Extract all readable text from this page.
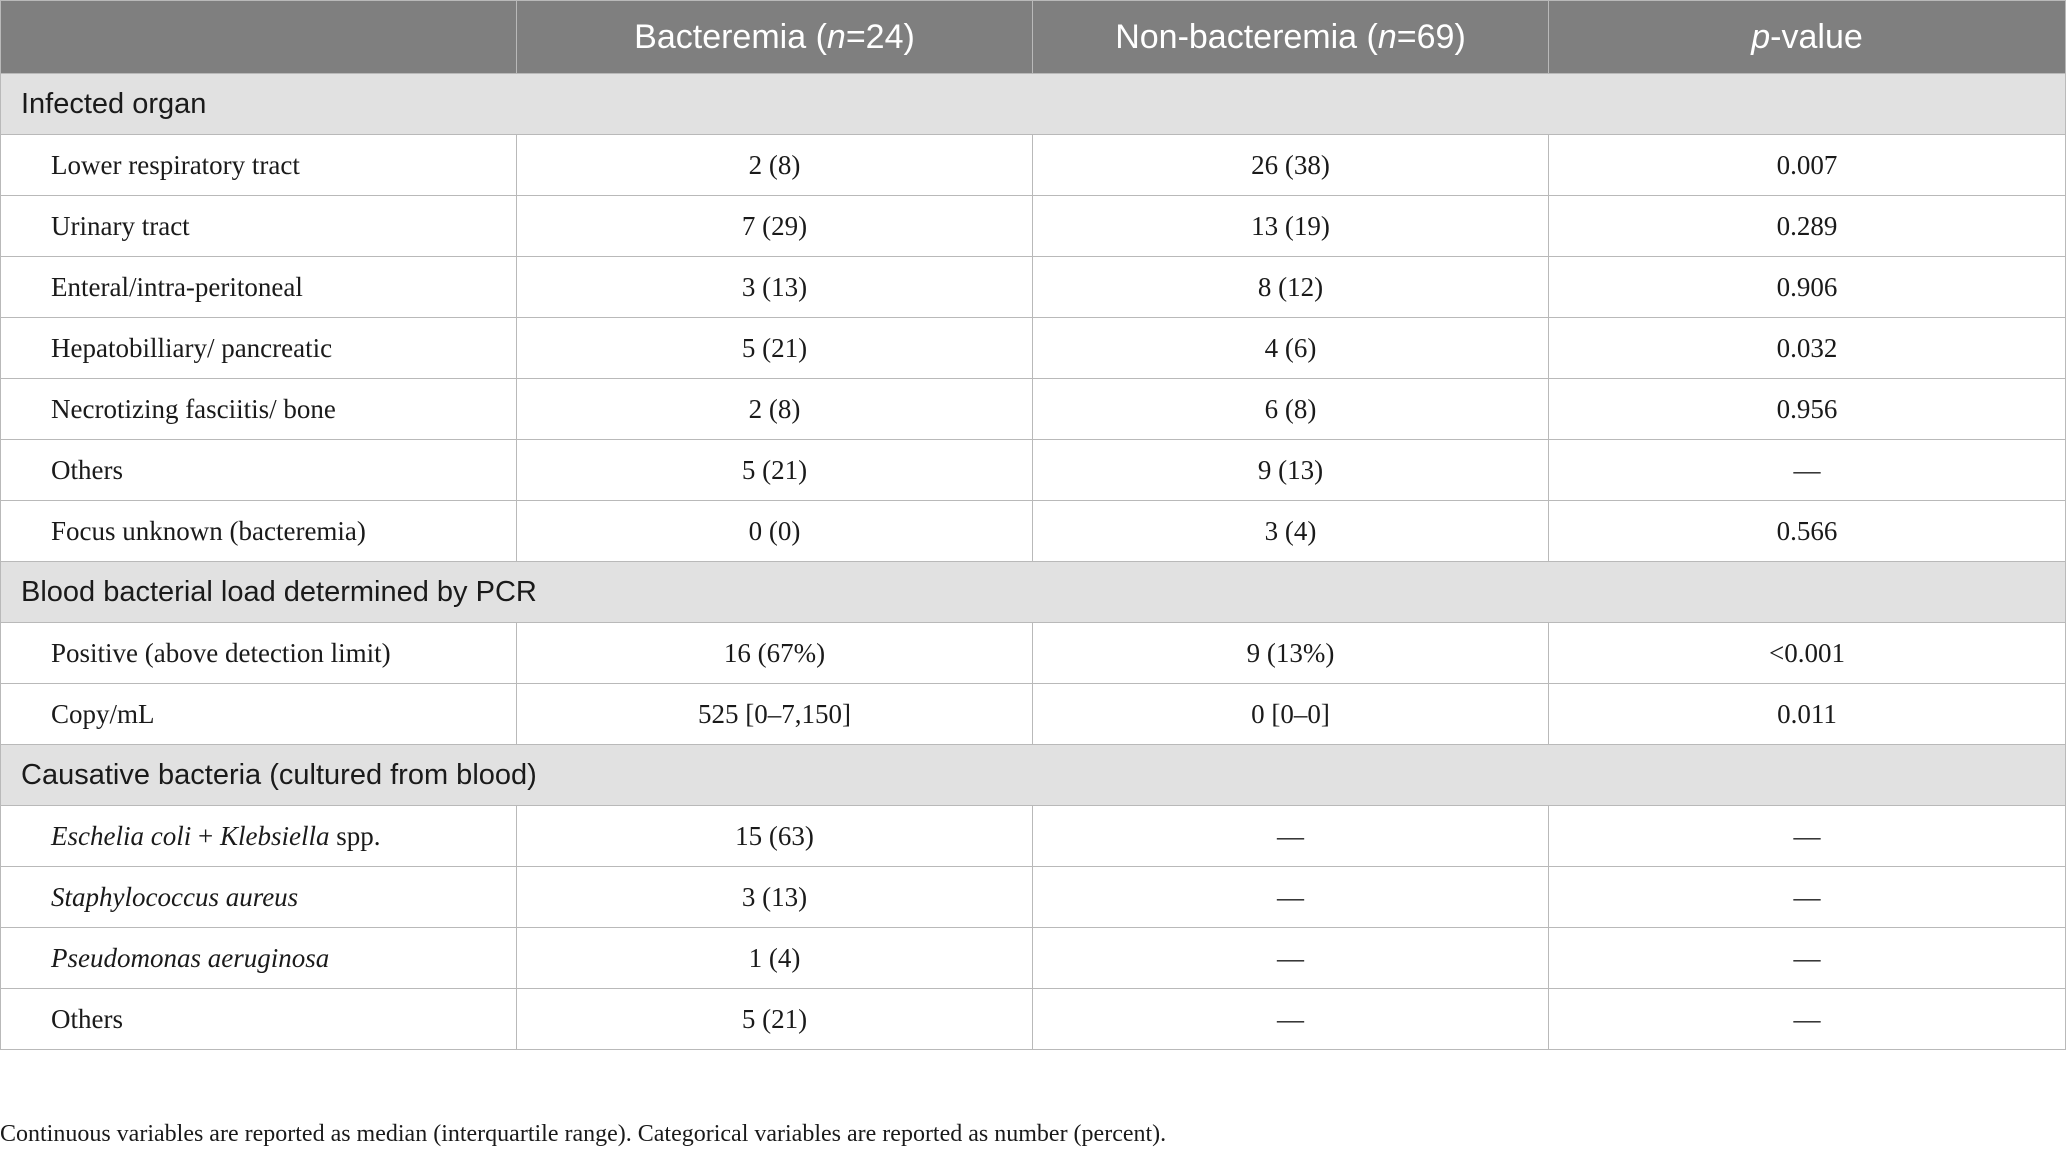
	Bacteremia (n=24)	Non-bacteremia (n=69)	p-value
Infected organ			
Lower respiratory tract	2 (8)	26 (38)	0.007
Urinary tract	7 (29)	13 (19)	0.289
Enteral/intra-peritoneal	3 (13)	8 (12)	0.906
Hepatobilliary/ pancreatic	5 (21)	4 (6)	0.032
Necrotizing fasciitis/ bone	2 (8)	6 (8)	0.956
Others	5 (21)	9 (13)	—
Focus unknown (bacteremia)	0 (0)	3 (4)	0.566
Blood bacterial load determined by PCR			
Positive (above detection limit)	16 (67%)	9 (13%)	<0.001
Copy/mL	525 [0–7,150]	0 [0–0]	0.011
Causative bacteria (cultured from blood)			
Eschelia coli + Klebsiella spp.	15 (63)	—	—
Staphylococcus aureus	3 (13)	—	—
Pseudomonas aeruginosa	1 (4)	—	—
Others	5 (21)	—	—
Continuous variables are reported as median (interquartile range). Categorical variables are reported as number (percent).
